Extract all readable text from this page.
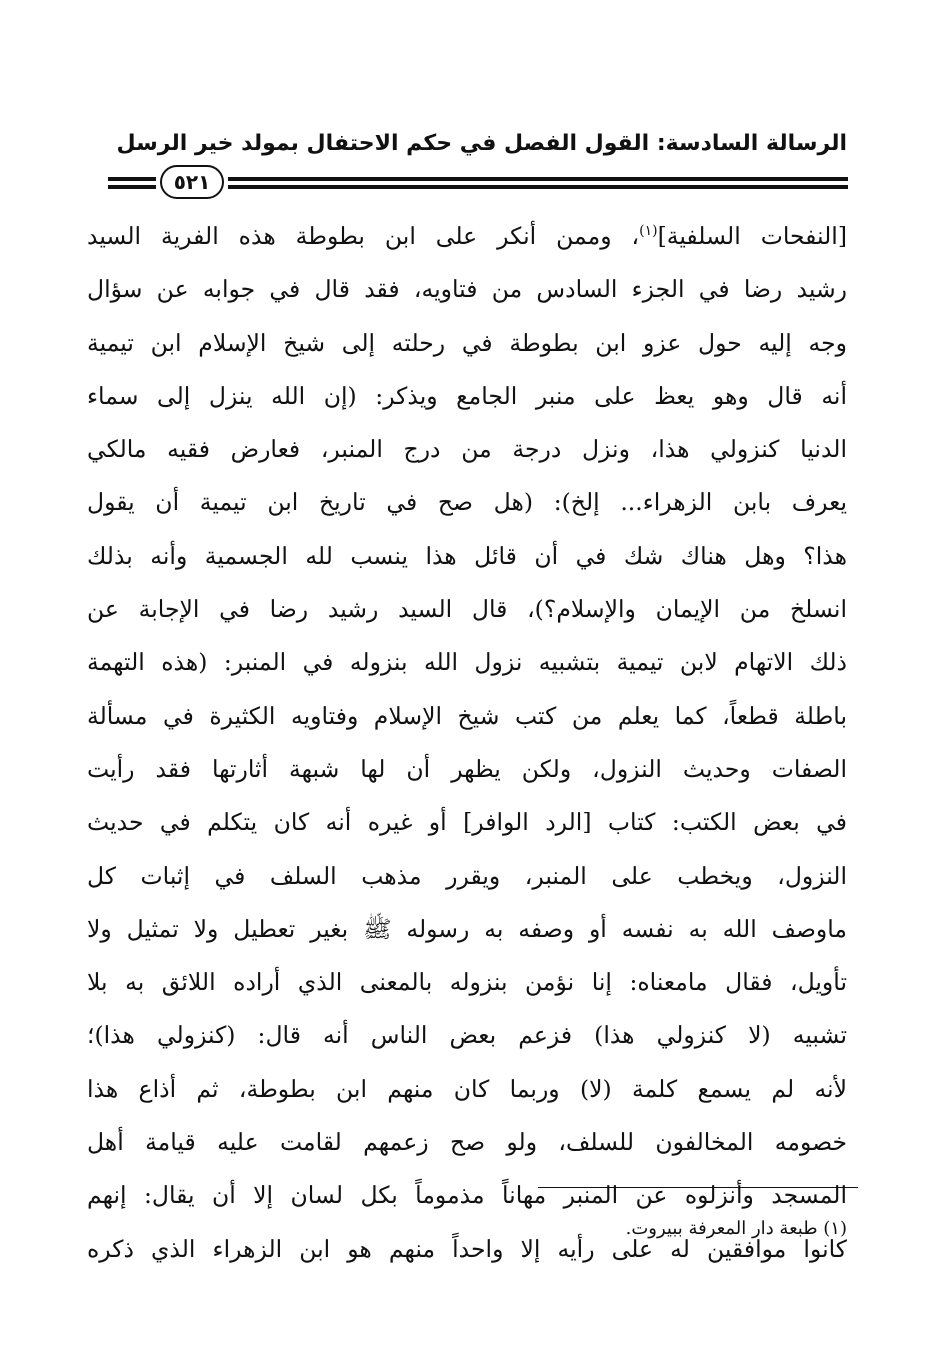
الرسالة السادسة: القول الفصل في حكم الاحتفال بمولد خير الرسل
٥٢١
[النفحات السلفية]$^{(١)}$، وممن أنكر على ابن بطوطة هذه الفرية السيد
رشيد رضا في الجزء السادس من فتاويه، فقد قال في جوابه عن سؤال
وجه إليه حول عزو ابن بطوطة في رحلته إلى شيخ الإسلام ابن تيمية
أنه قال وهو يعظ على منبر الجامع ويذكر: (إن الله ينزل إلى سماء
الدنيا كنزولي هذا، ونزل درجة من درج المنبر، فعارض فقيه مالكي
يعرف بابن الزهراء... إلخ): (هل صح في تاريخ ابن تيمية أن يقول
هذا؟ وهل هناك شك في أن قائل هذا ينسب لله الجسمية وأنه بذلك
انسلخ من الإيمان والإسلام؟)، قال السيد رشيد رضا في الإجابة عن
ذلك الاتهام لابن تيمية بتشبيه نزول الله بنزوله في المنبر: (هذه التهمة
باطلة قطعاً، كما يعلم من كتب شيخ الإسلام وفتاويه الكثيرة في مسألة
الصفات وحديث النزول، ولكن يظهر أن لها شبهة أثارتها فقد رأيت
في بعض الكتب: كتاب [الرد الوافر] أو غيره أنه كان يتكلم في حديث
النزول، ويخطب على المنبر، ويقرر مذهب السلف في إثبات كل
ماوصف الله به نفسه أو وصفه به رسوله ﷺ بغير تعطيل ولا تمثيل ولا
تأويل، فقال مامعناه: إنا نؤمن بنزوله بالمعنى الذي أراده اللائق به بلا
تشبيه (لا كنزولي هذا) فزعم بعض الناس أنه قال: (كنزولي هذا)؛
لأنه لم يسمع كلمة (لا) وربما كان منهم ابن بطوطة، ثم أذاع هذا
خصومه المخالفون للسلف، ولو صح زعمهم لقامت عليه قيامة أهل
المسجد وأنزلوه عن المنبر مهاناً مذموماً بكل لسان إلا أن يقال: إنهم
كانوا موافقين له على رأيه إلا واحداً منهم هو ابن الزهراء الذي ذكره
(١) طبعة دار المعرفة ببيروت.
